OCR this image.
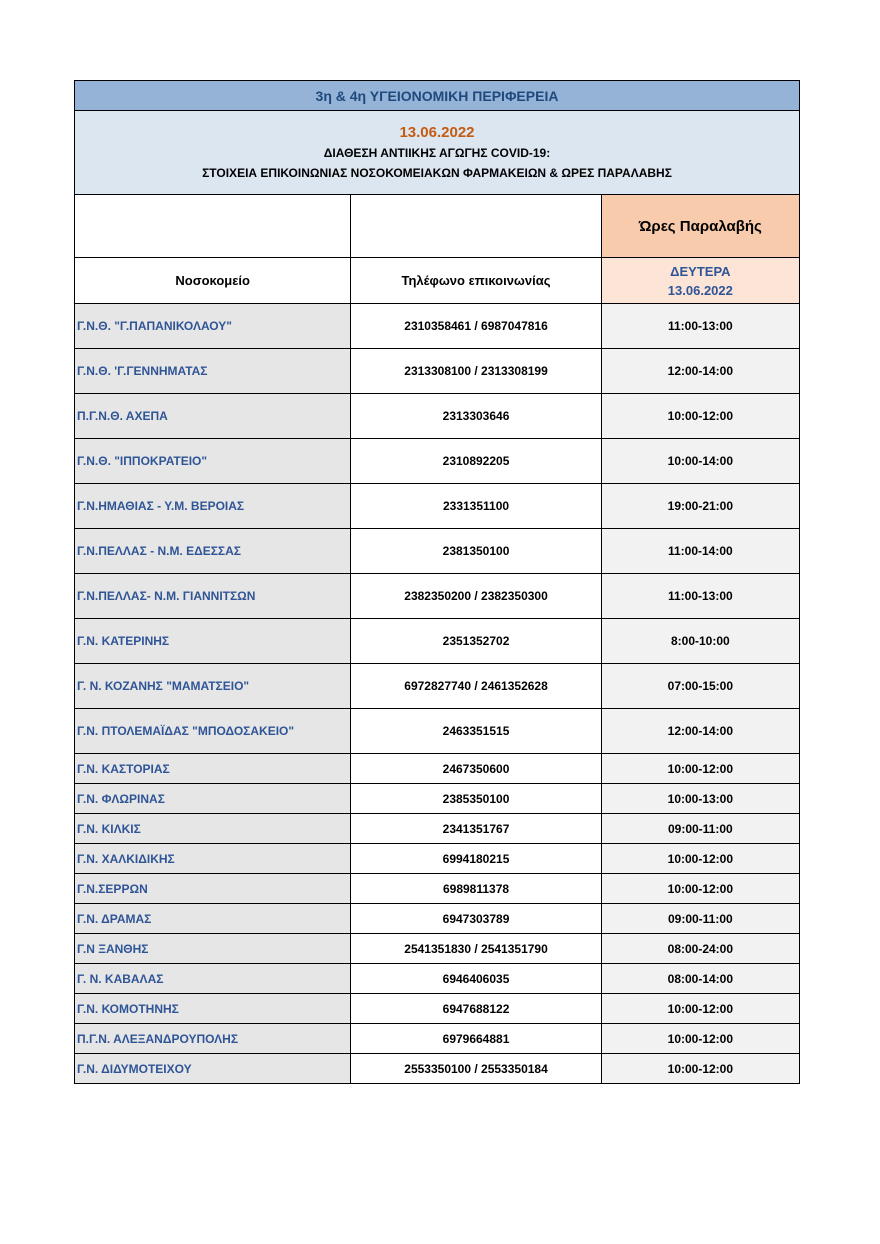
3η & 4η ΥΓΕΙΟΝΟΜΙΚΗ ΠΕΡΙΦΕΡΕΙΑ		

13.06.2022
ΔΙΑΘΕΣΗ ΑΝΤΙΙΚΗΣ ΑΓΩΓΗΣ COVID-19:
ΣΤΟΙΧΕΙΑ ΕΠΙΚΟΙΝΩΝΙΑΣ ΝΟΣΟΚΟΜΕΙΑΚΩΝ ΦΑΡΜΑΚΕΙΩΝ & ΩΡΕΣ ΠΑΡΑΛΑΒΗΣ		

		Ώρες Παραλαβής
Νοσοκομείο	Τηλέφωνο επικοινωνίας	ΔΕΥΤΕΡΑ
13.06.2022

Γ.Ν.Θ. "Γ.ΠΑΠΑΝΙΚΟΛΑΟΥ"	2310358461 / 6987047816	11:00-13:00
Γ.Ν.Θ. 'Γ.ΓΕΝΝΗΜΑΤΑΣ	2313308100 / 2313308199	12:00-14:00
Π.Γ.Ν.Θ. ΑΧΕΠΑ	2313303646	10:00-12:00
Γ.Ν.Θ. "ΙΠΠΟΚΡΑΤΕΙΟ"	2310892205	10:00-14:00
Γ.Ν.ΗΜΑΘΙΑΣ - Υ.Μ. ΒΕΡΟΙΑΣ	2331351100	19:00-21:00
Γ.Ν.ΠΕΛΛΑΣ - Ν.Μ. ΕΔΕΣΣΑΣ	2381350100	11:00-14:00
Γ.Ν.ΠΕΛΛΑΣ- Ν.Μ. ΓΙΑΝΝΙΤΣΩΝ	2382350200 / 2382350300	11:00-13:00
Γ.Ν. ΚΑΤΕΡΙΝΗΣ	2351352702	8:00-10:00
Γ. Ν. ΚΟΖΑΝΗΣ "ΜΑΜΑΤΣΕΙΟ"	6972827740 / 2461352628	07:00-15:00
Γ.Ν. ΠΤΟΛΕΜΑΪΔΑΣ "ΜΠΟΔΟΣΑΚΕΙΟ"	2463351515	12:00-14:00
Γ.Ν. ΚΑΣΤΟΡΙΑΣ	2467350600	10:00-12:00
Γ.Ν. ΦΛΩΡΙΝΑΣ	2385350100	10:00-13:00
Γ.Ν. ΚΙΛΚΙΣ	2341351767	09:00-11:00
Γ.Ν. ΧΑΛΚΙΔΙΚΗΣ	6994180215	10:00-12:00
Γ.Ν.ΣΕΡΡΩΝ	6989811378	10:00-12:00
Γ.Ν. ΔΡΑΜΑΣ	6947303789	09:00-11:00
Γ.Ν ΞΑΝΘΗΣ	2541351830 / 2541351790	08:00-24:00
Γ. Ν. ΚΑΒΑΛΑΣ	6946406035	08:00-14:00
Γ.Ν. ΚΟΜΟΤΗΝΗΣ	6947688122	10:00-12:00
Π.Γ.Ν. ΑΛΕΞΑΝΔΡΟΥΠΟΛΗΣ	6979664881	10:00-12:00
Γ.Ν. ΔΙΔΥΜΟΤΕΙΧΟΥ	2553350100 / 2553350184	10:00-12:00
